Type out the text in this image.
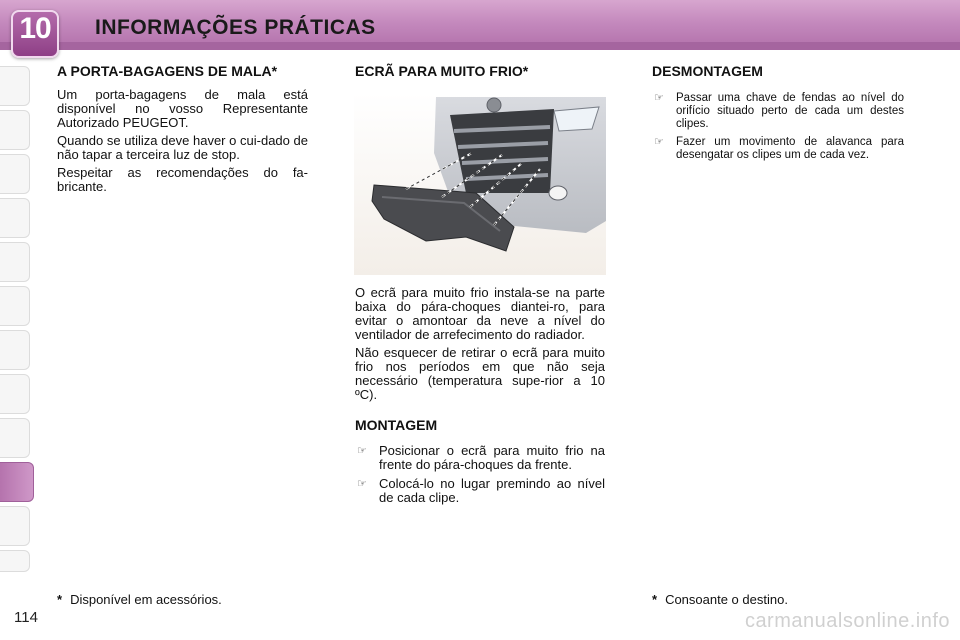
10	INFORMAÇÕES PRÁTICAS
A PORTA-BAGAGENS DE MALA*

Um porta-bagagens de mala está disponível no vosso Representante Autorizado PEUGEOT.

Quando se utiliza deve haver o cui-dado de não tapar a terceira luz de stop.

Respeitar as recomendações do fa-bricante.

ECRÃ PARA MUITO FRIO*

O ecrã para muito frio instala-se na parte baixa do pára-choques diantei-ro, para evitar o amontoar da neve a nível do ventilador de arrefecimento do radiador.

Não esquecer de retirar o ecrã para muito frio nos períodos em que não seja necessário (temperatura supe-rior a 10 ºC).

MONTAGEM
☞ Posicionar o ecrã para muito frio na frente do pára-choques da frente.
☞ Colocá-lo no lugar premindo ao nível de cada clipe.
DESMONTAGEM
☞ Passar uma chave de fendas ao nível do orifício situado perto de cada um destes clipes.
☞ Fazer um movimento de alavanca para desengatar os clipes um de cada vez.
* Disponível em acessórios.	* Consoante o destino.
114	carmanualsonline.info
